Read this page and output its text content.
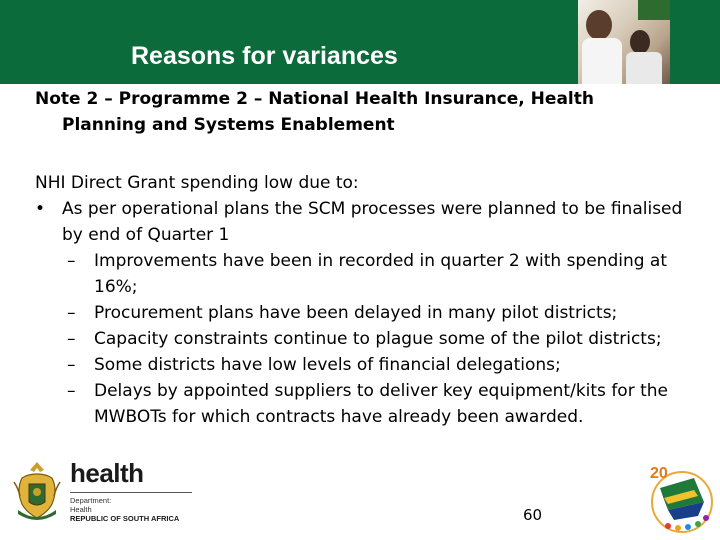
Reasons for variances
Note 2 – Programme 2 – National Health Insurance, Health
Planning and Systems Enablement
NHI Direct Grant spending low due to:
• As per operational plans the SCM processes were planned to be finalised by end of Quarter 1
– Improvements have been in recorded in quarter 2 with spending at 16%;
– Procurement plans have been delayed in many pilot districts;
– Capacity constraints continue to plague some of the pilot districts;
– Some districts have low levels of financial delegations;
– Delays by appointed suppliers to deliver key equipment/kits for the MWBOTs for which contracts have already been awarded.
health
Department:
Health
REPUBLIC OF SOUTH AFRICA	60
20
